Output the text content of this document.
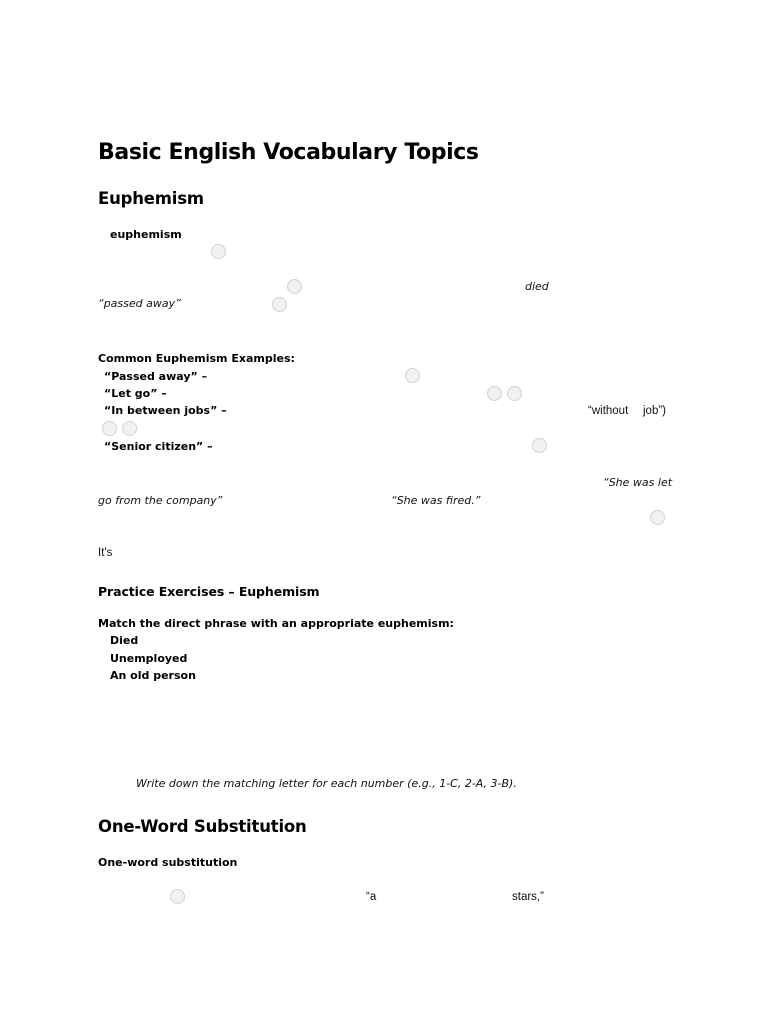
Basic English Vocabulary Topics
Euphemism
euphemism
died
“passed away”
Common Euphemism Examples:
“Passed away” –
“Let go” –
“In between jobs” –	“without job”)
“Senior citizen” –
“She was let
go from the company”	“She was fired.”
It's
Practice Exercises – Euphemism
Match the direct phrase with an appropriate euphemism:
Died
Unemployed
An old person
Write down the matching letter for each number (e.g., 1-C, 2-A, 3-B).
One-Word Substitution
One-word substitution
“a	stars,”
